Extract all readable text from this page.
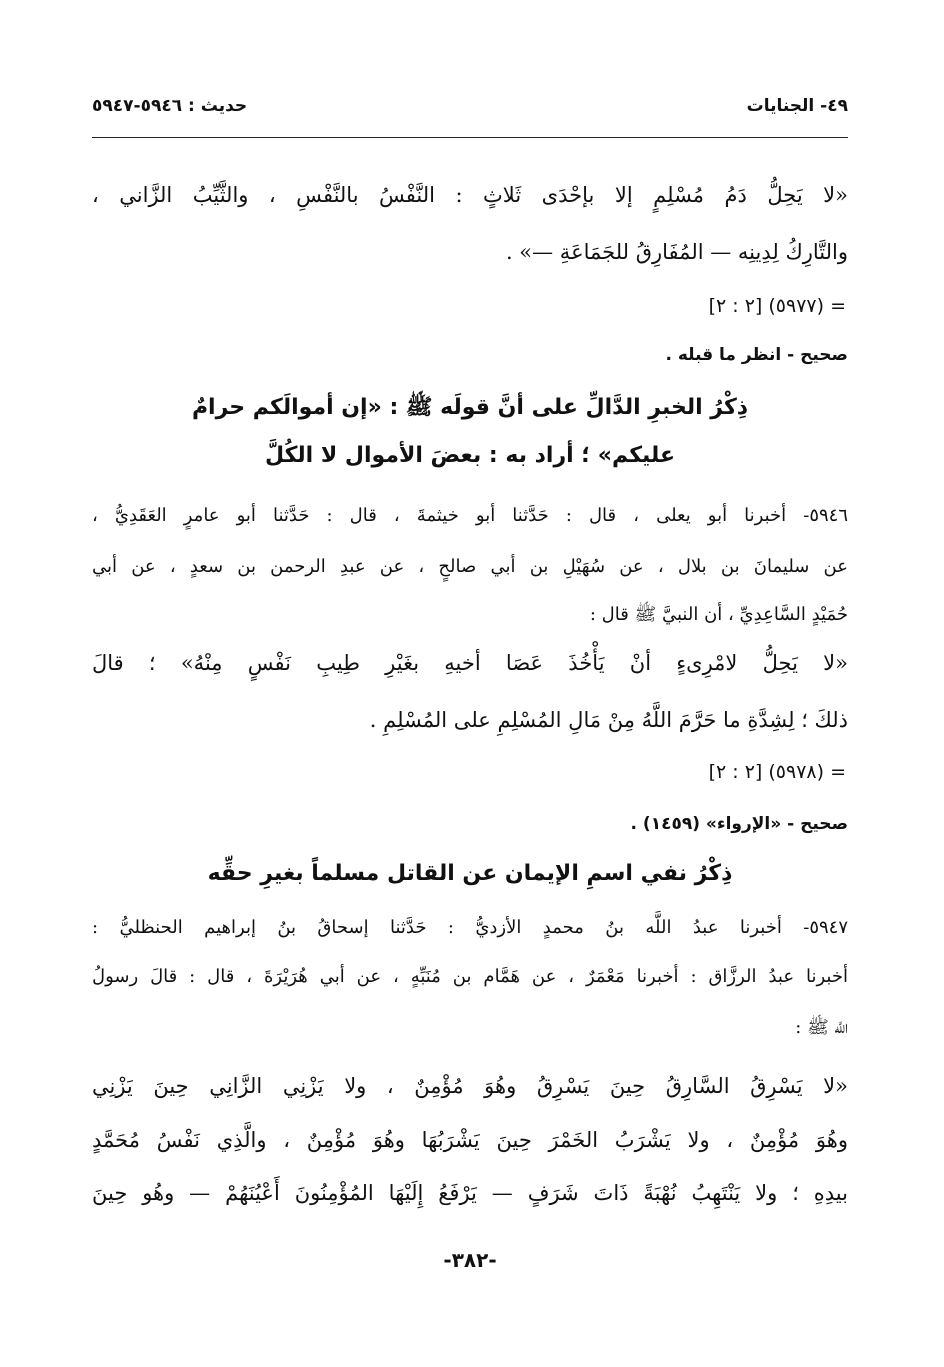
٤٩- الجنايات
حديث : ٥٩٤٦-٥٩٤٧
«لا يَحِلُّ دَمُ مُسْلِمٍ إلا بإحْدَى ثَلاثٍ : النَّفْسُ بالنَّفْسِ ، والثَّيِّبُ الزَّاني ،
والتَّارِكُ لِدِينِه — المُفَارِقُ للجَمَاعَةِ —» .
= (٥٩٧٧) [٢ : ٢]
صحيح - انظر ما قبله .
ذِكْرُ الخبرِ الدَّالِّ على أنَّ قولَه ﷺ : «إن أموالَكم حرامٌ
عليكم» ؛ أراد به : بعضَ الأموال لا الكُلَّ
٥٩٤٦- أخبرنا أبو يعلى ، قال : حَدَّثنا أبو خيثمةَ ، قال : حَدَّثنا أبو عامرٍ العَقَدِيُّ ،
عن سليمانَ بن بلال ، عن سُهَيْلِ بن أبي صالحٍ ، عن عبدِ الرحمن بن سعدٍ ، عن أبي
حُمَيْدٍ السَّاعِدِيِّ ، أن النبيَّ ﷺ قال :
«لا يَحِلُّ لامْرِىءٍ أنْ يَأْخُذَ عَصَا أخيهِ بغَيْرِ طِيبِ نَفْسٍ مِنْهُ» ؛ قالَ
ذلكَ ؛ لِشِدَّةِ ما حَرَّمَ اللَّهُ مِنْ مَالِ المُسْلِمِ على المُسْلِمِ .
= (٥٩٧٨) [٢ : ٢]
صحيح - «الإرواء» (١٤٥٩) .
ذِكْرُ نفي اسمِ الإيمان عن القاتل مسلماً بغيرِ حقِّه
٥٩٤٧- أخبرنا عبدُ اللَّه بنُ محمدٍ الأزديُّ : حَدَّثنا إسحاقُ بنُ إبراهيم الحنظليُّ :
أخبرنا عبدُ الرزَّاق : أخبرنا مَعْمَرٌ ، عن هَمَّام بن مُنَبِّهٍ ، عن أبي هُرَيْرَةَ ، قال : قالَ رسولُ
اللَّه ﷺ :
«لا يَسْرِقُ السَّارِقُ حِينَ يَسْرِقُ وهُوَ مُؤْمِنٌ ، ولا يَزْنِي الزَّانِي حِينَ يَزْنِي
وهُوَ مُؤْمِنٌ ، ولا يَشْرَبُ الخَمْرَ حِينَ يَشْرَبُهَا وهُوَ مُؤْمِنٌ ، والَّذِي نَفْسُ مُحَمَّدٍ
بيدِهِ ؛ ولا يَنْتَهِبُ نُهْبَةً ذَاتَ شَرَفٍ — يَرْفَعُ إِلَيْهَا المُؤْمِنُونَ أَعْيُنَهُمْ — وهُو حِينَ
-٣٨٢-
